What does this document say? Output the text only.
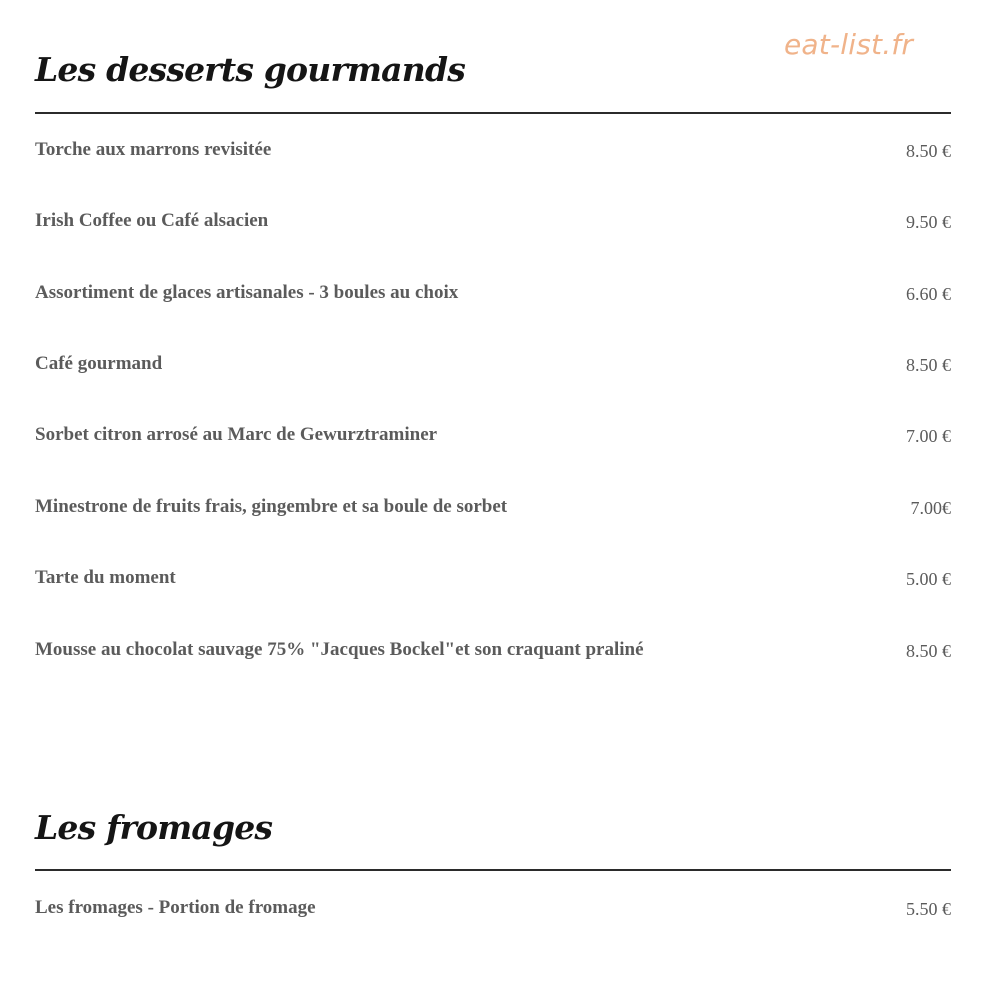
eat-list.fr
Les desserts gourmands
Torche aux marrons revisitée	8.50 €
Irish Coffee ou Café alsacien	9.50 €
Assortiment de glaces artisanales - 3 boules au choix	6.60 €
Café gourmand	8.50 €
Sorbet citron arrosé au Marc de Gewurztraminer	7.00 €
Minestrone de fruits frais, gingembre et sa boule de sorbet	7.00€
Tarte du moment	5.00 €
Mousse au chocolat sauvage 75% "Jacques Bockel"et son craquant praliné	8.50 €
Les fromages
Les fromages - Portion de fromage	5.50 €
